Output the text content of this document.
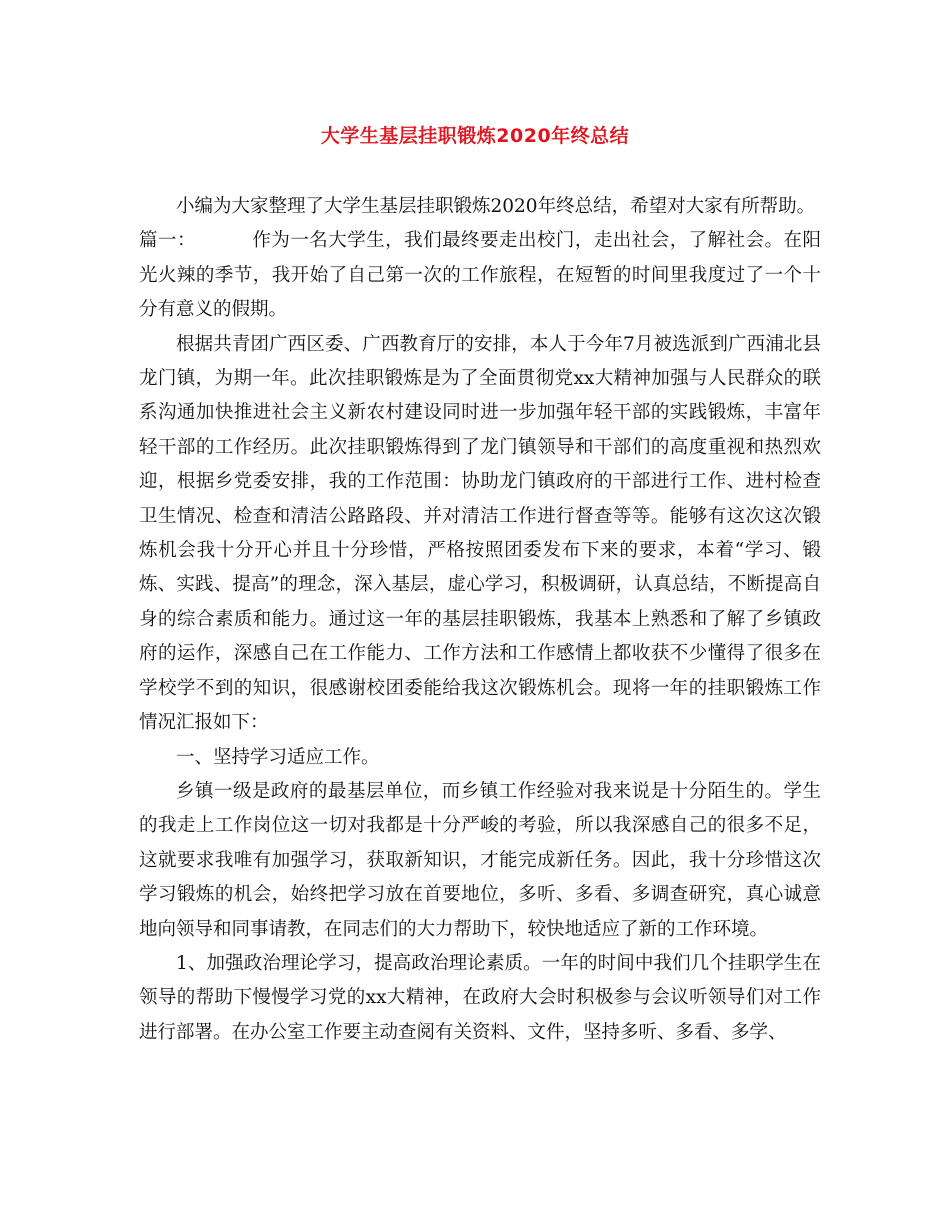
大学生基层挂职锻炼2020年终总结

小编为大家整理了大学生基层挂职锻炼2020年终总结，希望对大家有所帮助。

篇一：	作为一名大学生，我们最终要走出校门，走出社会，了解社会。在阳光火辣的季节，我开始了自己第一次的工作旅程，在短暂的时间里我度过了一个十分有意义的假期。

根据共青团广西区委、广西教育厅的安排，本人于今年7月被选派到广西浦北县龙门镇，为期一年。此次挂职锻炼是为了全面贯彻党xx大精神加强与人民群众的联系沟通加快推进社会主义新农村建设同时进一步加强年轻干部的实践锻炼，丰富年轻干部的工作经历。此次挂职锻炼得到了龙门镇领导和干部们的高度重视和热烈欢迎，根据乡党委安排，我的工作范围：协助龙门镇政府的干部进行工作、进村检查卫生情况、检查和清洁公路路段、并对清洁工作进行督查等等。能够有这次这次锻炼机会我十分开心并且十分珍惜，严格按照团委发布下来的要求，本着“学习、锻炼、实践、提高”的理念，深入基层，虚心学习，积极调研，认真总结，不断提高自身的综合素质和能力。通过这一年的基层挂职锻炼，我基本上熟悉和了解了乡镇政府的运作，深感自己在工作能力、工作方法和工作感情上都收获不少懂得了很多在学校学不到的知识，很感谢校团委能给我这次锻炼机会。现将一年的挂职锻炼工作情况汇报如下：

一、坚持学习适应工作。

乡镇一级是政府的最基层单位，而乡镇工作经验对我来说是十分陌生的。学生的我走上工作岗位这一切对我都是十分严峻的考验，所以我深感自己的很多不足，这就要求我唯有加强学习，获取新知识，才能完成新任务。因此，我十分珍惜这次学习锻炼的机会，始终把学习放在首要地位，多听、多看、多调查研究，真心诚意地向领导和同事请教，在同志们的大力帮助下，较快地适应了新的工作环境。

1、加强政治理论学习，提高政治理论素质。一年的时间中我们几个挂职学生在领导的帮助下慢慢学习党的xx大精神，在政府大会时积极参与会议听领导们对工作进行部署。在办公室工作要主动查阅有关资料、文件，坚持多听、多看、多学、
